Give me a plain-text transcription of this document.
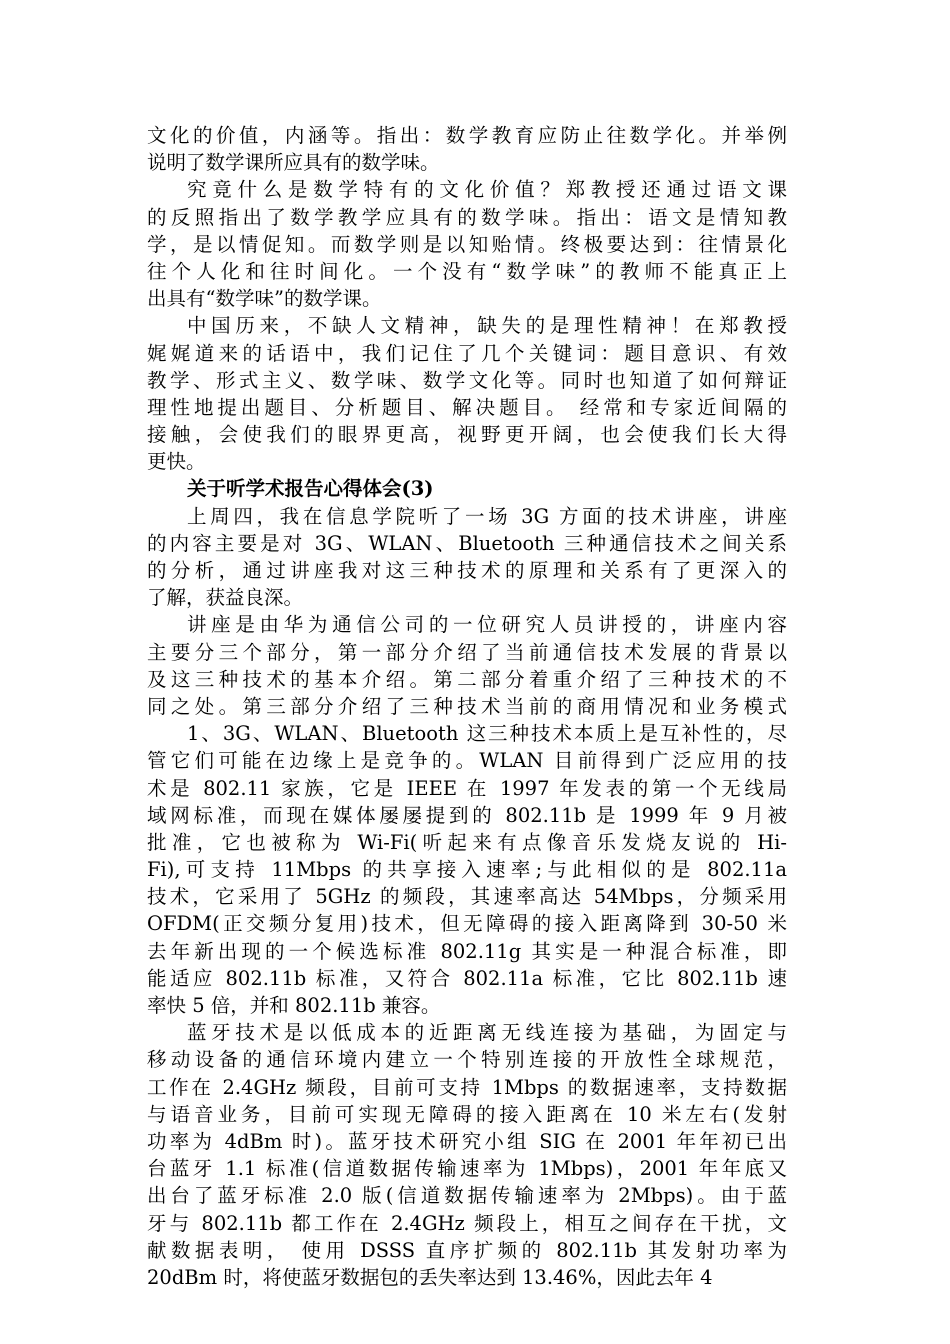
文化的价值，内涵等。指出：数学教育应防止往数学化。并举例
说明了数学课所应具有的数学味。
究竟什么是数学特有的文化价值？郑教授还通过语文课
的反照指出了数学教学应具有的数学味。指出：语文是情知教
学，是以情促知。而数学则是以知贻情。终极要达到：往情景化
往个人化和往时间化。一个没有“数学味”的教师不能真正上
出具有“数学味”的数学课。
中国历来，不缺人文精神，缺失的是理性精神！在郑教授
娓娓道来的话语中，我们记住了几个关键词：题目意识、有效
教学、形式主义、数学味、数学文化等。同时也知道了如何辩证
理性地提出题目、分析题目、解决题目。 经常和专家近间隔的
接触，会使我们的眼界更高，视野更开阔，也会使我们长大得
更快。
关于听学术报告心得体会(3)
上周四，我在信息学院听了一场 3G 方面的技术讲座，讲座
的内容主要是对 3G、WLAN、Bluetooth 三种通信技术之间关系
的分析，通过讲座我对这三种技术的原理和关系有了更深入的
了解，获益良深。
讲座是由华为通信公司的一位研究人员讲授的，讲座内容
主要分三个部分，第一部分介绍了当前通信技术发展的背景以
及这三种技术的基本介绍。第二部分着重介绍了三种技术的不
同之处。第三部分介绍了三种技术当前的商用情况和业务模式
1、3G、WLAN、Bluetooth 这三种技术本质上是互补性的，尽
管它们可能在边缘上是竞争的。WLAN 目前得到广泛应用的技
术是 802.11 家族，它是 IEEE 在 1997 年发表的第一个无线局
域网标准，而现在媒体屡屡提到的 802.11b 是 1999 年 9 月被
批准，它也被称为 Wi-Fi(听起来有点像音乐发烧友说的 Hi-
Fi),可支持 11Mbps 的共享接入速率;与此相似的是 802.11a
技术，它采用了 5GHz 的频段，其速率高达 54Mbps，分频采用
OFDM(正交频分复用)技术，但无障碍的接入距离降到 30-50 米
去年新出现的一个候选标准 802.11g 其实是一种混合标准，即
能适应 802.11b 标准，又符合 802.11a 标准，它比 802.11b 速
率快 5 倍，并和 802.11b 兼容。
蓝牙技术是以低成本的近距离无线连接为基础，为固定与
移动设备的通信环境内建立一个特别连接的开放性全球规范，
工作在 2.4GHz 频段，目前可支持 1Mbps 的数据速率，支持数据
与语音业务，目前可实现无障碍的接入距离在 10 米左右(发射
功率为 4dBm 时)。蓝牙技术研究小组 SIG 在 2001 年年初已出
台蓝牙 1.1 标准(信道数据传输速率为 1Mbps)，2001 年年底又
出台了蓝牙标准 2.0 版(信道数据传输速率为 2Mbps)。由于蓝
牙与 802.11b 都工作在 2.4GHz 频段上，相互之间存在干扰，文
献数据表明， 使用 DSSS 直序扩频的 802.11b 其发射功率为
20dBm 时，将使蓝牙数据包的丢失率达到 13.46%，因此去年 4
